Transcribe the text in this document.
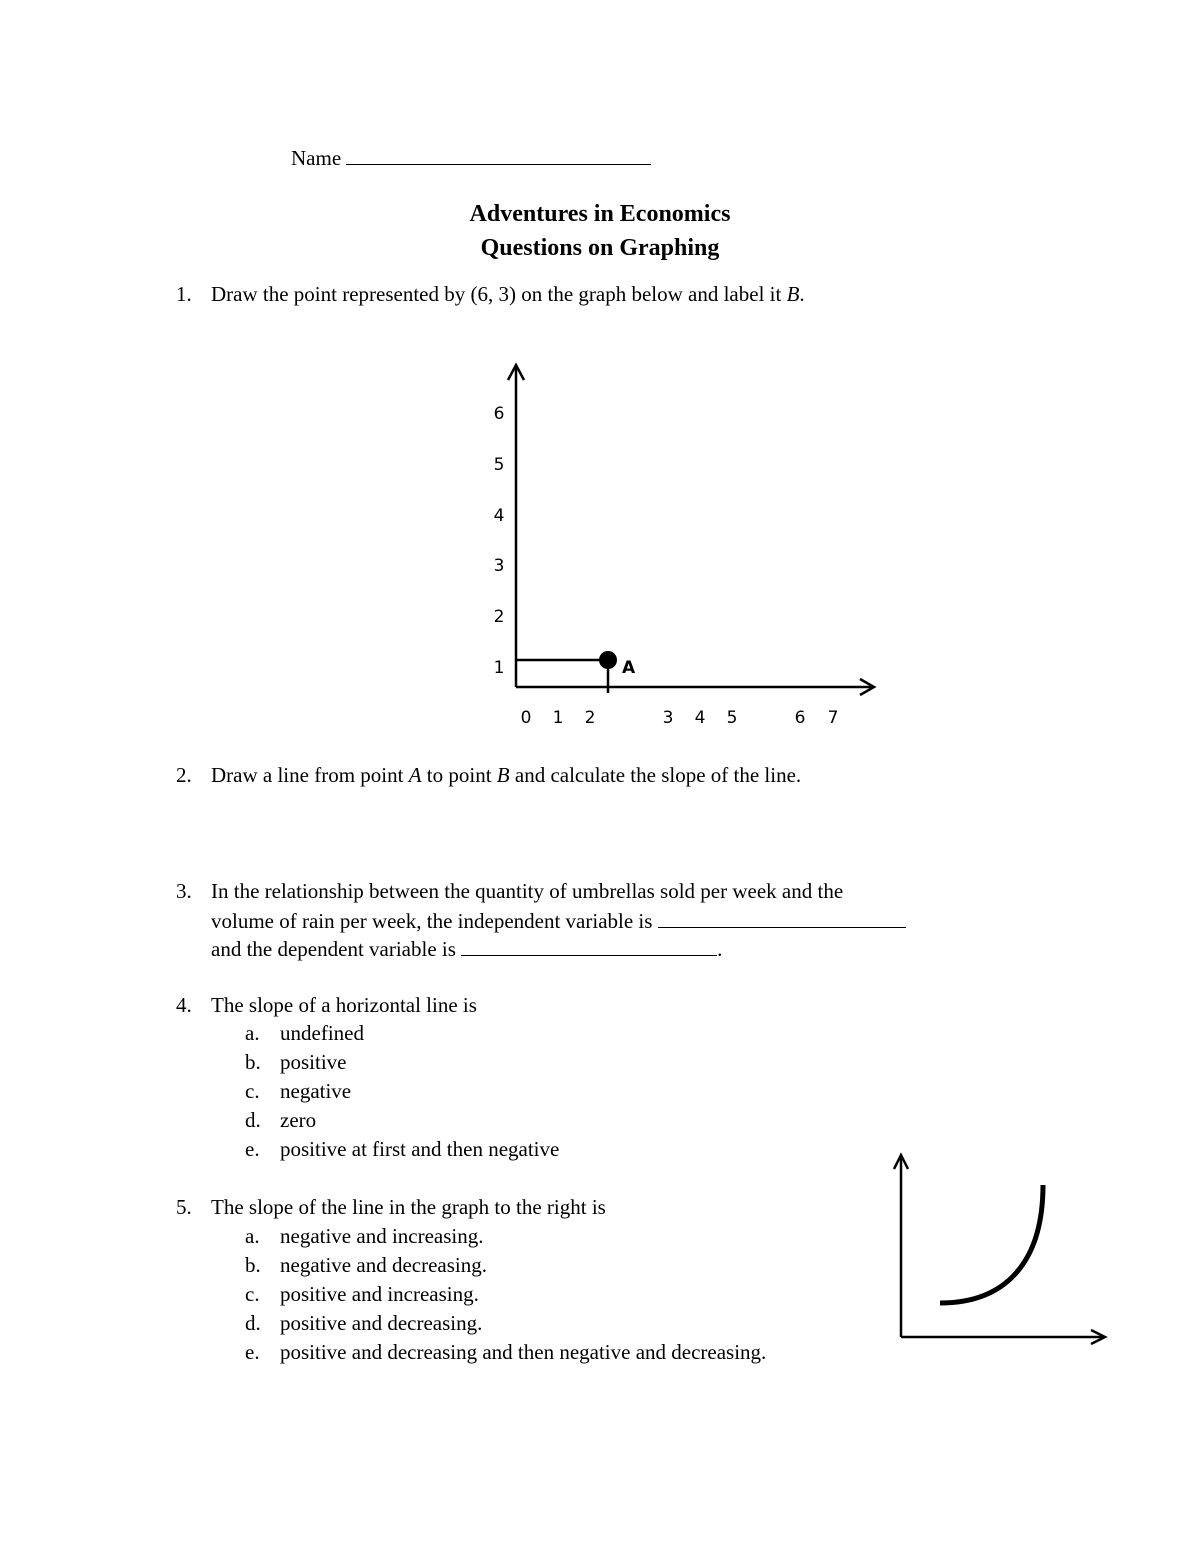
Name
Adventures in Economics
Questions on Graphing
1. Draw the point represented by (6, 3) on the graph below and label it B.
A
6
5
4
3
2
1
0 1 2	3 4 5	6 7
2. Draw a line from point A to point B and calculate the slope of the line.
3. In the relationship between the quantity of umbrellas sold per week and the
volume of rain per week, the independent variable is
and the dependent variable is	.
4. The slope of a horizontal line is
a. undefined
b. positive
c. negative
d. zero
e. positive at first and then negative
5. The slope of the line in the graph to the right is
a. negative and increasing.
b. negative and decreasing.
c. positive and increasing.
d. positive and decreasing.
e. positive and decreasing and then negative and decreasing.
